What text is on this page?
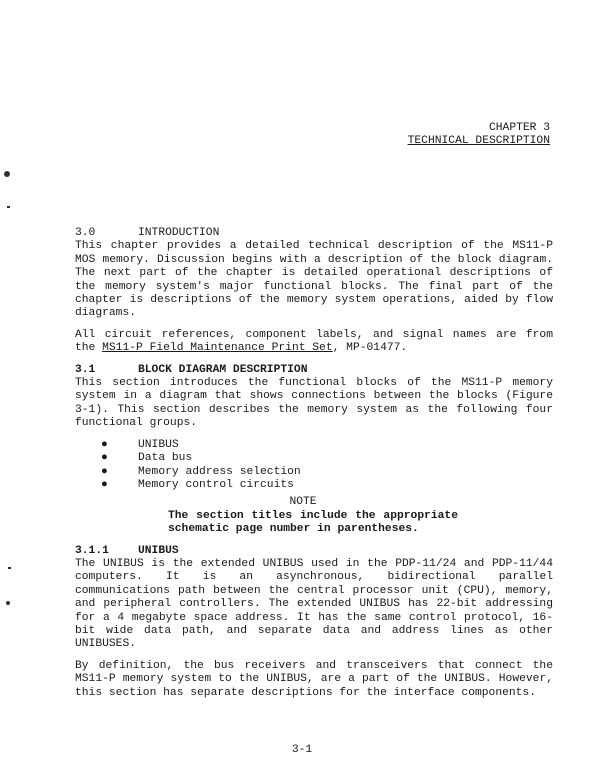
CHAPTER 3
TECHNICAL DESCRIPTION
3.0	INTRODUCTION

This chapter provides a detailed technical description of the MS11-P MOS memory. Discussion begins with a description of the block diagram. The next part of the chapter is detailed operational descriptions of the memory system's major functional blocks. The final part of the chapter is descriptions of the memory system operations, aided by flow diagrams.

All circuit references, component labels, and signal names are from the MS11-P Field Maintenance Print Set, MP-01477.

3.1	BLOCK DIAGRAM DESCRIPTION

This section introduces the functional blocks of the MS11-P memory system in a diagram that shows connections between the blocks (Figure 3-1). This section describes the memory system as the following four functional groups.

●	UNIBUS
●	Data bus
●	Memory address selection
●	Memory control circuits
NOTE
The section titles include the appropriate schematic page number in parentheses.
3.1.1	UNIBUS

The UNIBUS is the extended UNIBUS used in the PDP-11/24 and PDP-11/44 computers. It is an asynchronous, bidirectional parallel communications path between the central processor unit (CPU), memory, and peripheral controllers. The extended UNIBUS has 22-bit addressing for a 4 megabyte space address. It has the same control protocol, 16-bit wide data path, and separate data and address lines as other UNIBUSES.

By definition, the bus receivers and transceivers that connect the MS11-P memory system to the UNIBUS, are a part of the UNIBUS. However, this section has separate descriptions for the interface components.

3-1
